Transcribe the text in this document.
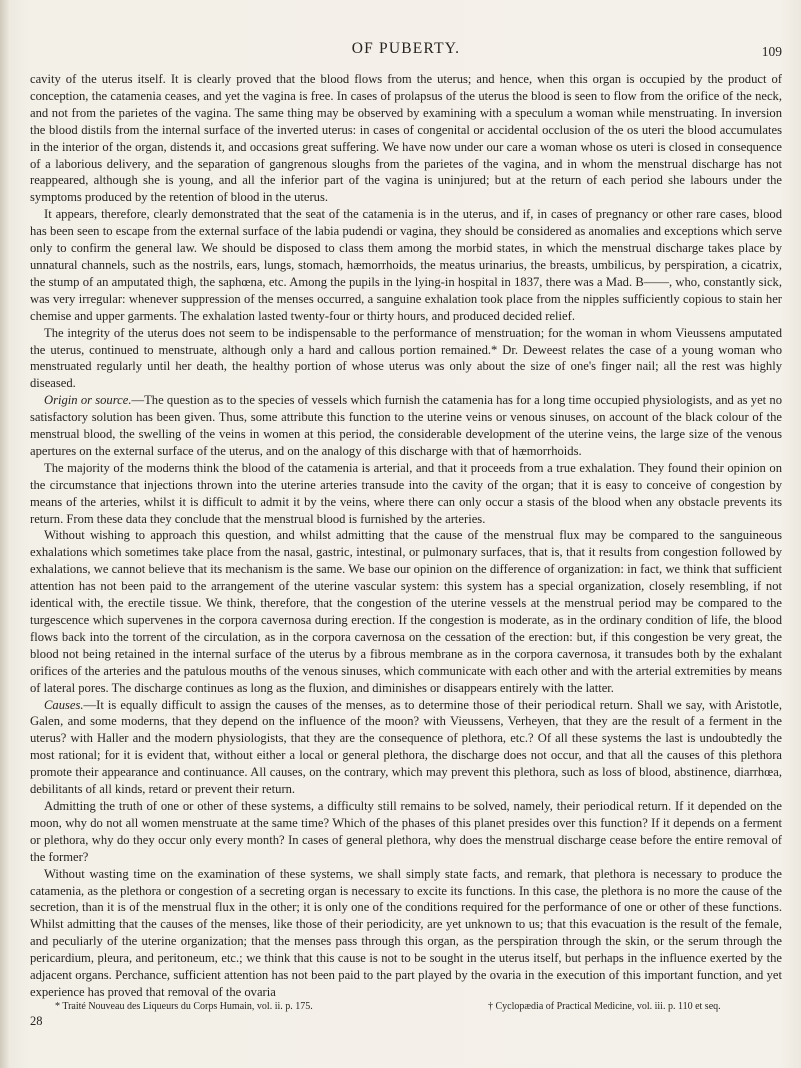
OF PUBERTY.	109

cavity of the uterus itself. It is clearly proved that the blood flows from the uterus; and hence, when this organ is occupied by the product of conception, the catamenia ceases, and yet the vagina is free. In cases of prolapsus of the uterus the blood is seen to flow from the orifice of the neck, and not from the parietes of the vagina. The same thing may be observed by examining with a speculum a woman while menstruating. In inversion the blood distils from the internal surface of the inverted uterus: in cases of congenital or accidental occlusion of the os uteri the blood accumulates in the interior of the organ, distends it, and occasions great suffering. We have now under our care a woman whose os uteri is closed in consequence of a laborious delivery, and the separation of gangrenous sloughs from the parietes of the vagina, and in whom the menstrual discharge has not reappeared, although she is young, and all the inferior part of the vagina is uninjured; but at the return of each period she labours under the symptoms produced by the retention of blood in the uterus.

It appears, therefore, clearly demonstrated that the seat of the catamenia is in the uterus, and if, in cases of pregnancy or other rare cases, blood has been seen to escape from the external surface of the labia pudendi or vagina, they should be considered as anomalies and exceptions which serve only to confirm the general law. We should be disposed to class them among the morbid states, in which the menstrual discharge takes place by unnatural channels, such as the nostrils, ears, lungs, stomach, hæmorrhoids, the meatus urinarius, the breasts, umbilicus, by perspiration, a cicatrix, the stump of an amputated thigh, the saphœna, etc. Among the pupils in the lying-in hospital in 1837, there was a Mad. B——, who, constantly sick, was very irregular: whenever suppression of the menses occurred, a sanguine exhalation took place from the nipples sufficiently copious to stain her chemise and upper garments. The exhalation lasted twenty-four or thirty hours, and produced decided relief.

The integrity of the uterus does not seem to be indispensable to the performance of menstruation; for the woman in whom Vieussens amputated the uterus, continued to menstruate, although only a hard and callous portion remained.* Dr. Deweest relates the case of a young woman who menstruated regularly until her death, the healthy portion of whose uterus was only about the size of one's finger nail; all the rest was highly diseased.

Origin or source.—The question as to the species of vessels which furnish the catamenia has for a long time occupied physiologists, and as yet no satisfactory solution has been given. Thus, some attribute this function to the uterine veins or venous sinuses, on account of the black colour of the menstrual blood, the swelling of the veins in women at this period, the considerable development of the uterine veins, the large size of the venous apertures on the external surface of the uterus, and on the analogy of this discharge with that of hæmorrhoids.

The majority of the moderns think the blood of the catamenia is arterial, and that it proceeds from a true exhalation. They found their opinion on the circumstance that injections thrown into the uterine arteries transude into the cavity of the organ; that it is easy to conceive of congestion by means of the arteries, whilst it is difficult to admit it by the veins, where there can only occur a stasis of the blood when any obstacle prevents its return. From these data they conclude that the menstrual blood is furnished by the arteries.

Without wishing to approach this question, and whilst admitting that the cause of the menstrual flux may be compared to the sanguineous exhalations which sometimes take place from the nasal, gastric, intestinal, or pulmonary surfaces, that is, that it results from congestion followed by exhalations, we cannot believe that its mechanism is the same. We base our opinion on the difference of organization: in fact, we think that sufficient attention has not been paid to the arrangement of the uterine vascular system: this system has a special organization, closely resembling, if not identical with, the erectile tissue. We think, therefore, that the congestion of the uterine vessels at the menstrual period may be compared to the turgescence which supervenes in the corpora cavernosa during erection. If the congestion is moderate, as in the ordinary condition of life, the blood flows back into the torrent of the circulation, as in the corpora cavernosa on the cessation of the erection: but, if this congestion be very great, the blood not being retained in the internal surface of the uterus by a fibrous membrane as in the corpora cavernosa, it transudes both by the exhalant orifices of the arteries and the patulous mouths of the venous sinuses, which communicate with each other and with the arterial extremities by means of lateral pores. The discharge continues as long as the fluxion, and diminishes or disappears entirely with the latter.

Causes.—It is equally difficult to assign the causes of the menses, as to determine those of their periodical return. Shall we say, with Aristotle, Galen, and some moderns, that they depend on the influence of the moon? with Vieussens, Verheyen, that they are the result of a ferment in the uterus? with Haller and the modern physiologists, that they are the consequence of plethora, etc.? Of all these systems the last is undoubtedly the most rational; for it is evident that, without either a local or general plethora, the discharge does not occur, and that all the causes of this plethora promote their appearance and continuance. All causes, on the contrary, which may prevent this plethora, such as loss of blood, abstinence, diarrhœa, debilitants of all kinds, retard or prevent their return.

Admitting the truth of one or other of these systems, a difficulty still remains to be solved, namely, their periodical return. If it depended on the moon, why do not all women menstruate at the same time? Which of the phases of this planet presides over this function? If it depends on a ferment or plethora, why do they occur only every month? In cases of general plethora, why does the menstrual discharge cease before the entire removal of the former?

Without wasting time on the examination of these systems, we shall simply state facts, and remark, that plethora is necessary to produce the catamenia, as the plethora or congestion of a secreting organ is necessary to excite its functions. In this case, the plethora is no more the cause of the secretion, than it is of the menstrual flux in the other; it is only one of the conditions required for the performance of one or other of these functions. Whilst admitting that the causes of the menses, like those of their periodicity, are yet unknown to us; that this evacuation is the result of the female, and peculiarly of the uterine organization; that the menses pass through this organ, as the perspiration through the skin, or the serum through the pericardium, pleura, and peritoneum, etc.; we think that this cause is not to be sought in the uterus itself, but perhaps in the influence exerted by the adjacent organs. Perchance, sufficient attention has not been paid to the part played by the ovaria in the execution of this important function, and yet experience has proved that removal of the ovaria

* Traité Nouveau des Liqueurs du Corps Humain, vol. ii. p. 175.	† Cyclopædia of Practical Medicine, vol. iii. p. 110 et seq.
28
